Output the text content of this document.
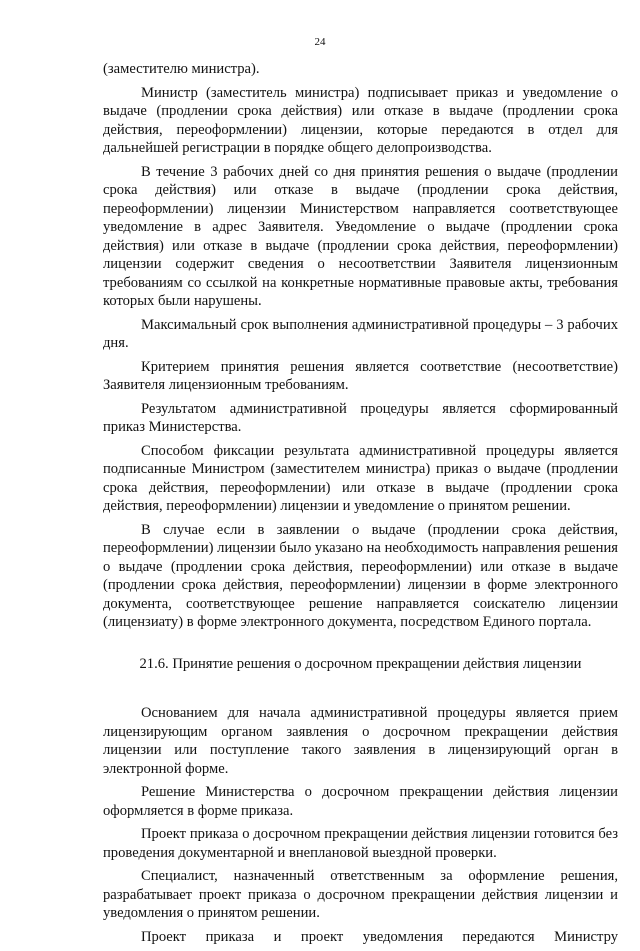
24

(заместителю министра).

Министр (заместитель министра) подписывает приказ и уведомление о выдаче (продлении срока действия) или отказе в выдаче (продлении срока действия, переоформлении) лицензии, которые передаются в отдел для дальнейшей регистрации в порядке общего делопроизводства.

В течение 3 рабочих дней со дня принятия решения о выдаче (продлении срока действия) или отказе в выдаче (продлении срока действия, переоформлении) лицензии Министерством направляется соответствующее уведомление в адрес Заявителя. Уведомление о выдаче (продлении срока действия) или отказе в выдаче (продлении срока действия, переоформлении) лицензии содержит сведения о несоответствии Заявителя лицензионным требованиям со ссылкой на конкретные нормативные правовые акты, требования которых были нарушены.

Максимальный срок выполнения административной процедуры – 3 рабочих дня.

Критерием принятия решения является соответствие (несоответствие) Заявителя лицензионным требованиям.

Результатом административной процедуры является сформированный приказ Министерства.

Способом фиксации результата административной процедуры является подписанные Министром (заместителем министра) приказ о выдаче (продлении срока действия, переоформлении) или отказе в выдаче (продлении срока действия, переоформлении) лицензии и уведомление о принятом решении.

В случае если в заявлении о выдаче (продлении срока действия, переоформлении) лицензии было указано на необходимость направления решения о выдаче (продлении срока действия, переоформлении) или отказе в выдаче (продлении срока действия, переоформлении) лицензии в форме электронного документа, соответствующее решение направляется соискателю лицензии (лицензиату) в форме электронного документа, посредством Единого портала.

21.6. Принятие решения о досрочном прекращении действия лицензии

Основанием для начала административной процедуры является прием лицензирующим органом заявления о досрочном прекращении действия лицензии или поступление такого заявления в лицензирующий орган в электронной форме.

Решение Министерства о досрочном прекращении действия лицензии оформляется в форме приказа.

Проект приказа о досрочном прекращении действия лицензии готовится без проведения документарной и внеплановой выездной проверки.

Специалист, назначенный ответственным за оформление решения, разрабатывает проект приказа о досрочном прекращении действия лицензии и уведомления о принятом решении.

Проект приказа и проект уведомления передаются Министру
